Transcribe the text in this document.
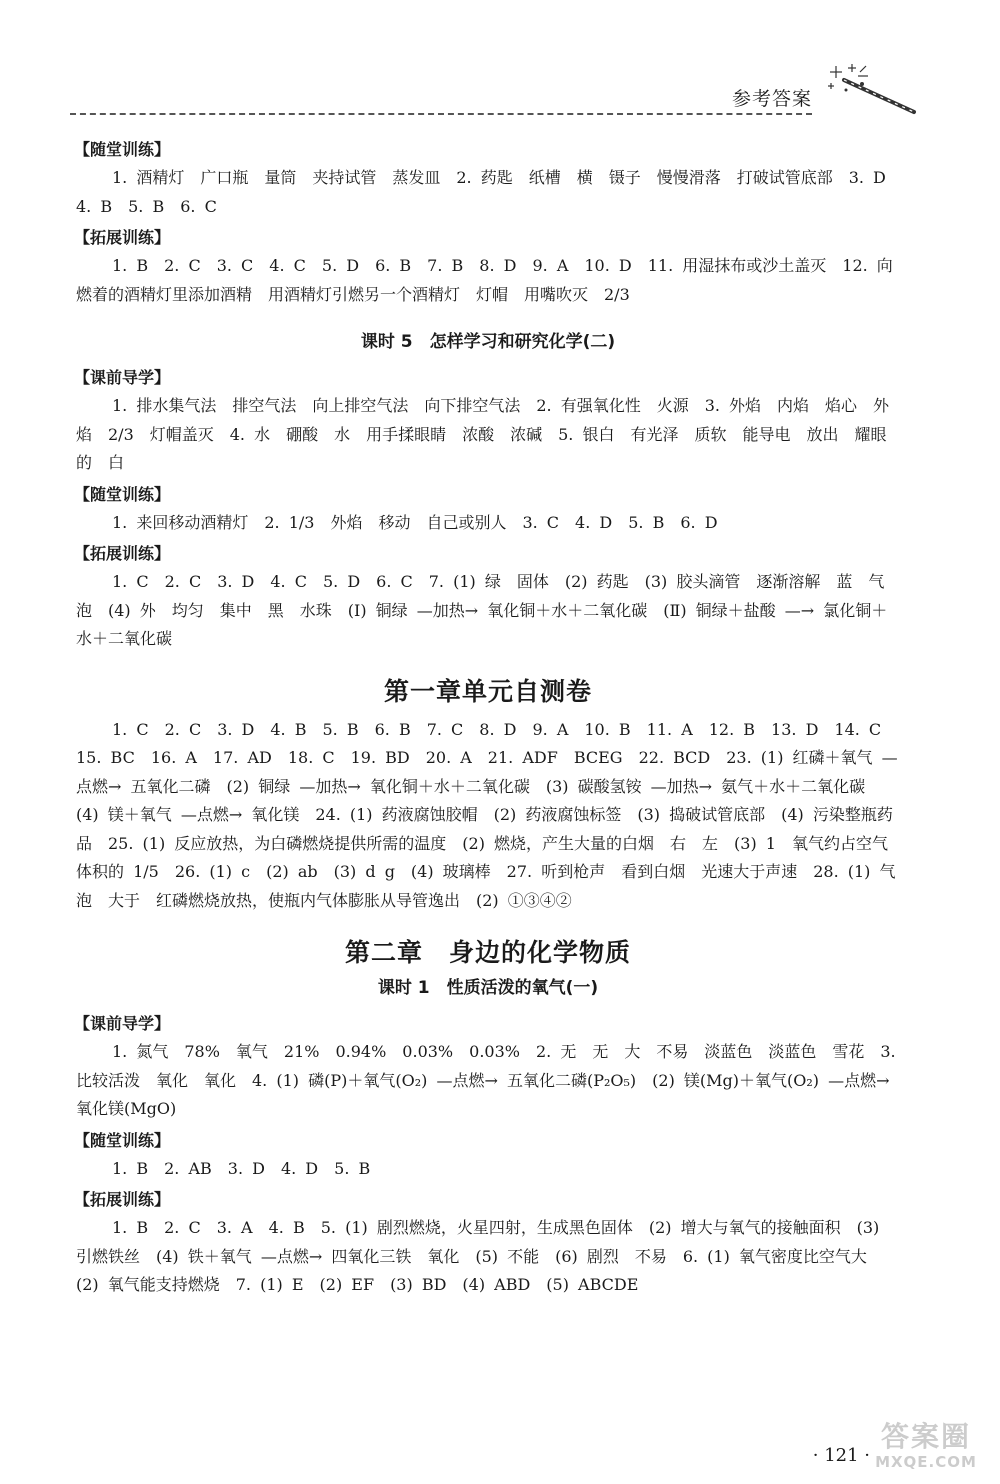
参考答案
【随堂训练】
1. 酒精灯　广口瓶　量筒　夹持试管　蒸发皿　2. 药匙　纸槽　横　镊子　慢慢滑落　打破试管底部　3. D　4. B　5. B　6. C
【拓展训练】
1. B　2. C　3. C　4. C　5. D　6. B　7. B　8. D　9. A　10. D　11. 用湿抹布或沙土盖灭　12. 向燃着的酒精灯里添加酒精　用酒精灯引燃另一个酒精灯　灯帽　用嘴吹灭　2/3
课时 5　怎样学习和研究化学(二)
【课前导学】
1. 排水集气法　排空气法　向上排空气法　向下排空气法　2. 有强氧化性　火源　3. 外焰　内焰　焰心　外焰　2/3　灯帽盖灭　4. 水　硼酸　水　用手揉眼睛　浓酸　浓碱　5. 银白　有光泽　质软　能导电　放出　耀眼的　白
【随堂训练】
1. 来回移动酒精灯　2. 1/3　外焰　移动　自己或别人　3. C　4. D　5. B　6. D
【拓展训练】
1. C　2. C　3. D　4. C　5. D　6. C　7. (1) 绿　固体　(2) 药匙　(3) 胶头滴管　逐渐溶解　蓝　气泡　(4) 外　均匀　集中　黑　水珠　(Ⅰ) 铜绿 —加热→ 氧化铜＋水＋二氧化碳　(Ⅱ) 铜绿＋盐酸 —→ 氯化铜＋水＋二氧化碳
第一章单元自测卷
1. C　2. C　3. D　4. B　5. B　6. B　7. C　8. D　9. A　10. B　11. A　12. B　13. D　14. C　15. BC　16. A　17. AD　18. C　19. BD　20. A　21. ADF　BCEG　22. BCD　23. (1) 红磷＋氧气 —点燃→ 五氧化二磷　(2) 铜绿 —加热→ 氧化铜＋水＋二氧化碳　(3) 碳酸氢铵 —加热→ 氨气＋水＋二氧化碳　(4) 镁＋氧气 —点燃→ 氧化镁　24. (1) 药液腐蚀胶帽　(2) 药液腐蚀标签　(3) 捣破试管底部　(4) 污染整瓶药品　25. (1) 反应放热，为白磷燃烧提供所需的温度　(2) 燃烧，产生大量的白烟　右　左　(3) 1　氧气约占空气体积的 1/5　26. (1) c　(2) ab　(3) d g　(4) 玻璃棒　27. 听到枪声　看到白烟　光速大于声速　28. (1) 气泡　大于　红磷燃烧放热，使瓶内气体膨胀从导管逸出　(2) ①③④②
第二章　身边的化学物质
课时 1　性质活泼的氧气(一)
【课前导学】
1. 氮气　78%　氧气　21%　0.94%　0.03%　0.03%　2. 无　无　大　不易　淡蓝色　淡蓝色　雪花　3. 比较活泼　氧化　氧化　4. (1) 磷(P)＋氧气(O₂) —点燃→ 五氧化二磷(P₂O₅)　(2) 镁(Mg)＋氧气(O₂) —点燃→ 氧化镁(MgO)
【随堂训练】
1. B　2. AB　3. D　4. D　5. B
【拓展训练】
1. B　2. C　3. A　4. B　5. (1) 剧烈燃烧，火星四射，生成黑色固体　(2) 增大与氧气的接触面积　(3) 引燃铁丝　(4) 铁＋氧气 —点燃→ 四氧化三铁　氧化　(5) 不能　(6) 剧烈　不易　6. (1) 氧气密度比空气大　(2) 氧气能支持燃烧　7. (1) E　(2) EF　(3) BD　(4) ABD　(5) ABCDE
· 121 ·
答案圈
MXQE.COM
